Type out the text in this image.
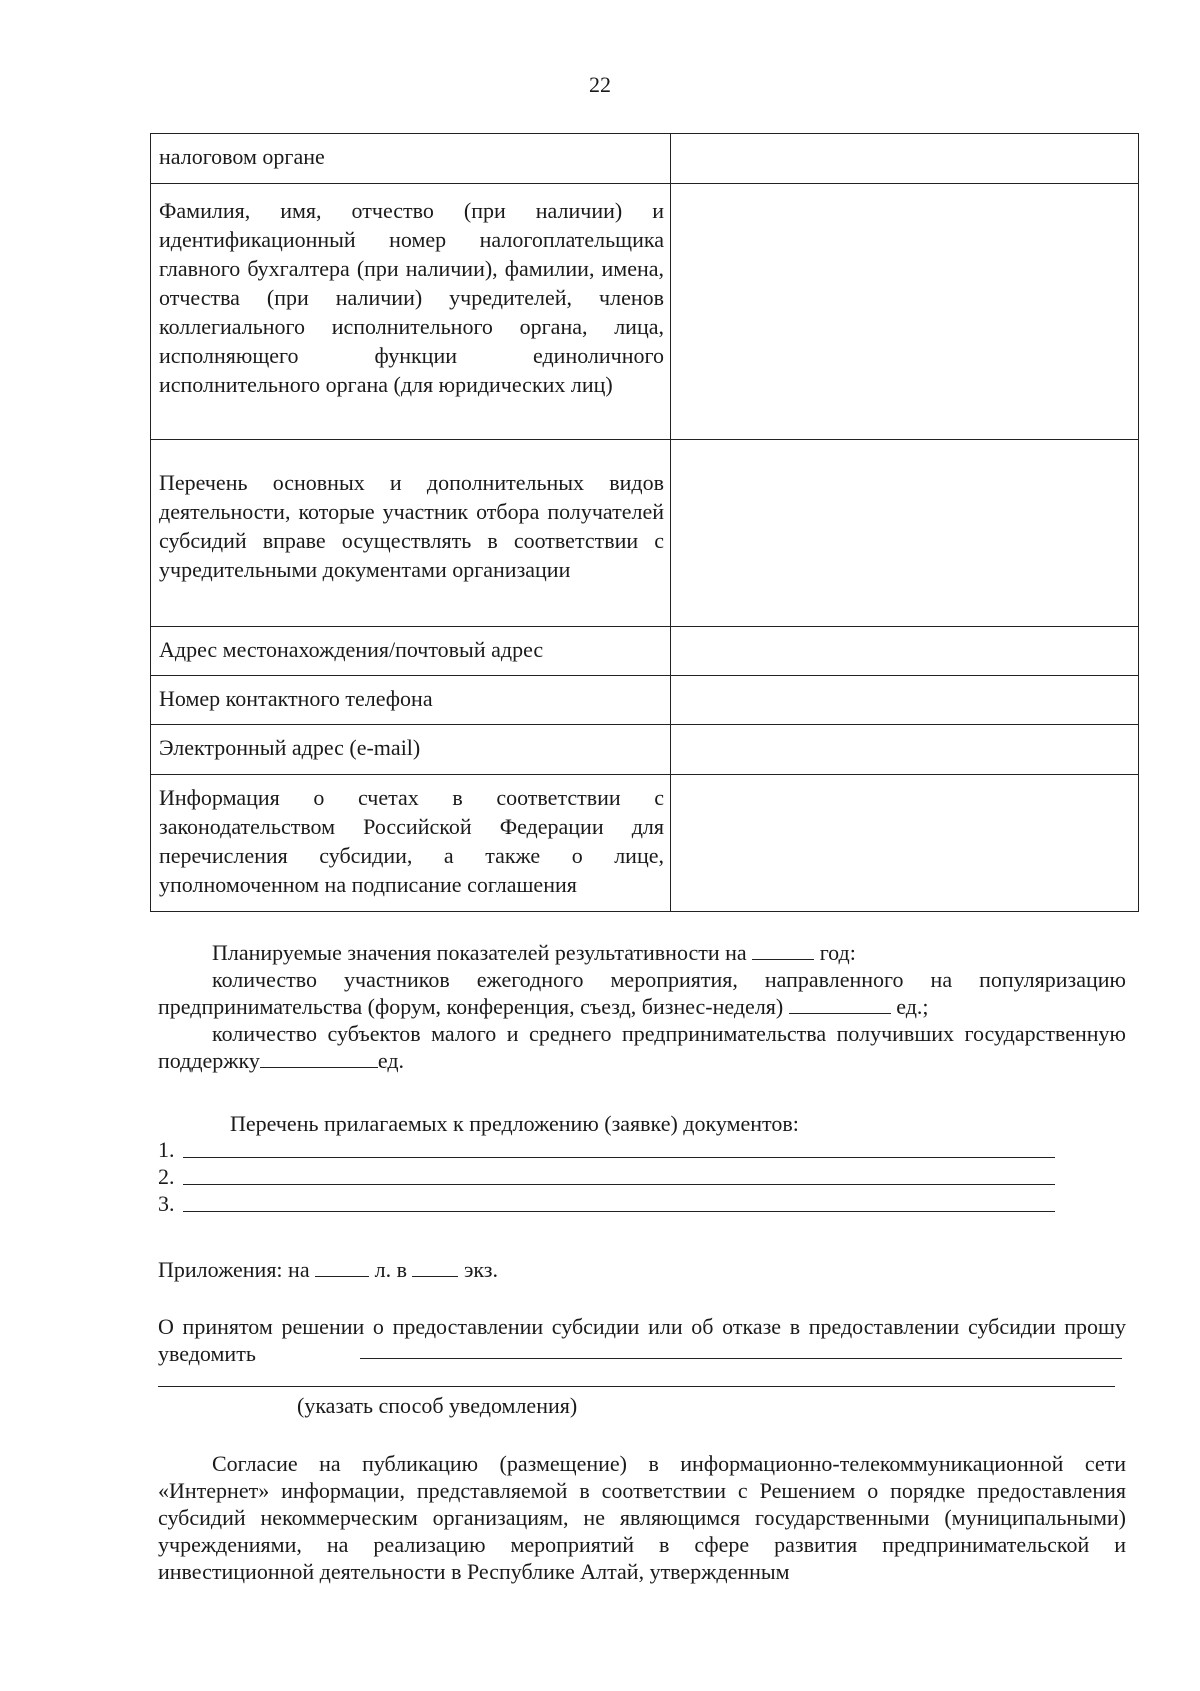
22
налоговом органе	
Фамилия, имя, отчество (при наличии) и идентификационный номер налогоплательщика главного бухгалтера (при наличии), фамилии, имена, отчества (при наличии) учредителей, членов коллегиального исполнительного органа, лица, исполняющего функции единоличного исполнительного органа (для юридических лиц)	
Перечень основных и дополнительных видов деятельности, которые участник отбора получателей субсидий вправе осуществлять в соответствии с учредительными документами организации	
Адрес местонахождения/почтовый адрес	
Номер контактного телефона	
Электронный адрес (e-mail)	
Информация о счетах в соответствии с законодательством Российской Федерации для перечисления субсидии, а также о лице, уполномоченном на подписание соглашения	
Планируемые значения показателей результативности на	год:
количество участников ежегодного мероприятия, направленного на популяризацию предпринимательства (форум, конференция, съезд, бизнес-неделя)	ед.;
количество субъектов малого и среднего предпринимательства получивших государственную поддержку	ед.
Перечень прилагаемых к предложению (заявке) документов:
1.
2.
3.
Приложения: на	л. в	экз.
О принятом решении о предоставлении субсидии или об отказе в предоставлении субсидии прошу уведомить
(указать способ уведомления)
Согласие на публикацию (размещение) в информационно-телекоммуникационной сети «Интернет» информации, представляемой в соответствии с Решением о порядке предоставления субсидий некоммерческим организациям, не являющимся государственными (муниципальными) учреждениями, на реализацию мероприятий в сфере развития предпринимательской и инвестиционной деятельности в Республике Алтай, утвержденным
